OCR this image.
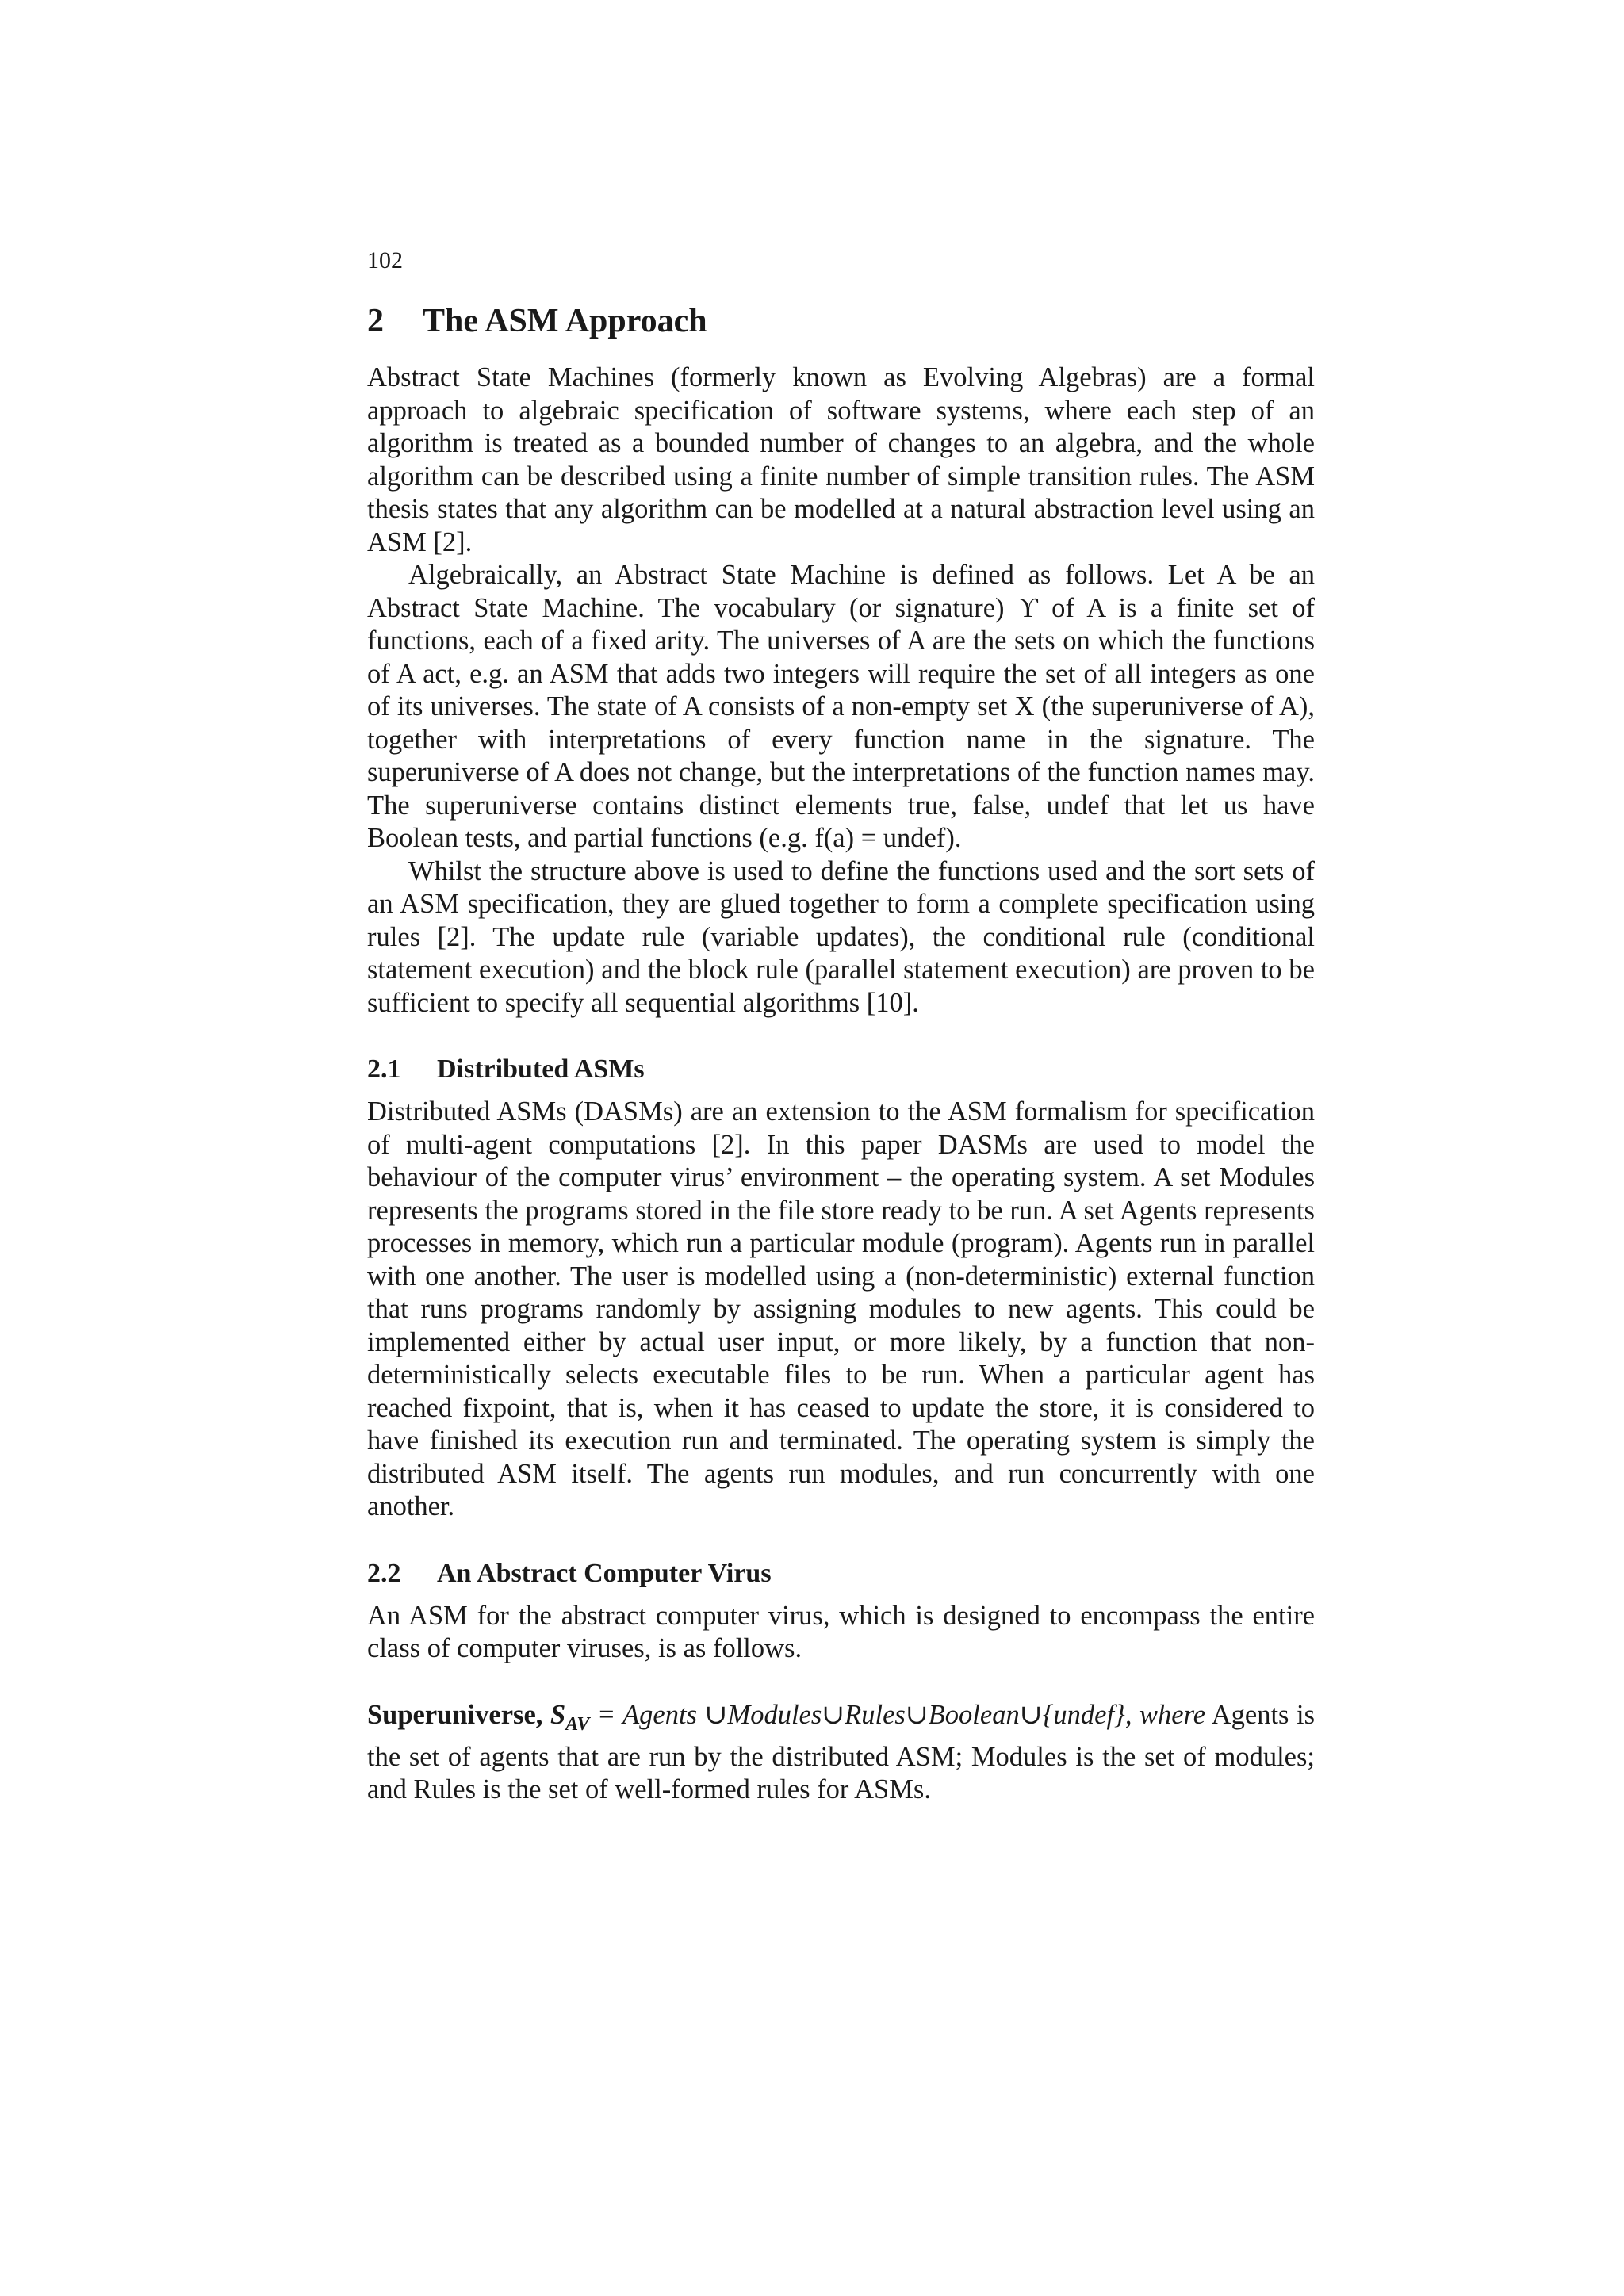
102
2	The ASM Approach

Abstract State Machines (formerly known as Evolving Algebras) are a formal approach to algebraic specification of software systems, where each step of an algorithm is treated as a bounded number of changes to an algebra, and the whole algorithm can be described using a finite number of simple transition rules. The ASM thesis states that any algorithm can be modelled at a natural abstraction level using an ASM [2].

Algebraically, an Abstract State Machine is defined as follows. Let A be an Abstract State Machine. The vocabulary (or signature) ϒ of A is a finite set of functions, each of a fixed arity. The universes of A are the sets on which the functions of A act, e.g. an ASM that adds two integers will require the set of all integers as one of its universes. The state of A consists of a non-empty set X (the superuniverse of A), together with interpretations of every function name in the signature. The superuniverse of A does not change, but the interpretations of the function names may. The superuniverse contains distinct elements true, false, undef that let us have Boolean tests, and partial functions (e.g. f(a) = undef).

Whilst the structure above is used to define the functions used and the sort sets of an ASM specification, they are glued together to form a complete specification using rules [2]. The update rule (variable updates), the conditional rule (conditional statement execution) and the block rule (parallel statement execution) are proven to be sufficient to specify all sequential algorithms [10].

2.1	Distributed ASMs

Distributed ASMs (DASMs) are an extension to the ASM formalism for specification of multi-agent computations [2]. In this paper DASMs are used to model the behaviour of the computer virus’ environment – the operating system. A set Modules represents the programs stored in the file store ready to be run. A set Agents represents processes in memory, which run a particular module (program). Agents run in parallel with one another. The user is modelled using a (non-deterministic) external function that runs programs randomly by assigning modules to new agents. This could be implemented either by actual user input, or more likely, by a function that non-deterministically selects executable files to be run. When a particular agent has reached fixpoint, that is, when it has ceased to update the store, it is considered to have finished its execution run and terminated. The operating system is simply the distributed ASM itself. The agents run modules, and run concurrently with one another.

2.2	An Abstract Computer Virus

An ASM for the abstract computer virus, which is designed to encompass the entire class of computer viruses, is as follows.

Superuniverse, $S_{AV}$ = Agents ∪Modules∪Rules∪Boolean∪{undef}, where Agents is the set of agents that are run by the distributed ASM; Modules is the set of modules; and Rules is the set of well-formed rules for ASMs.
